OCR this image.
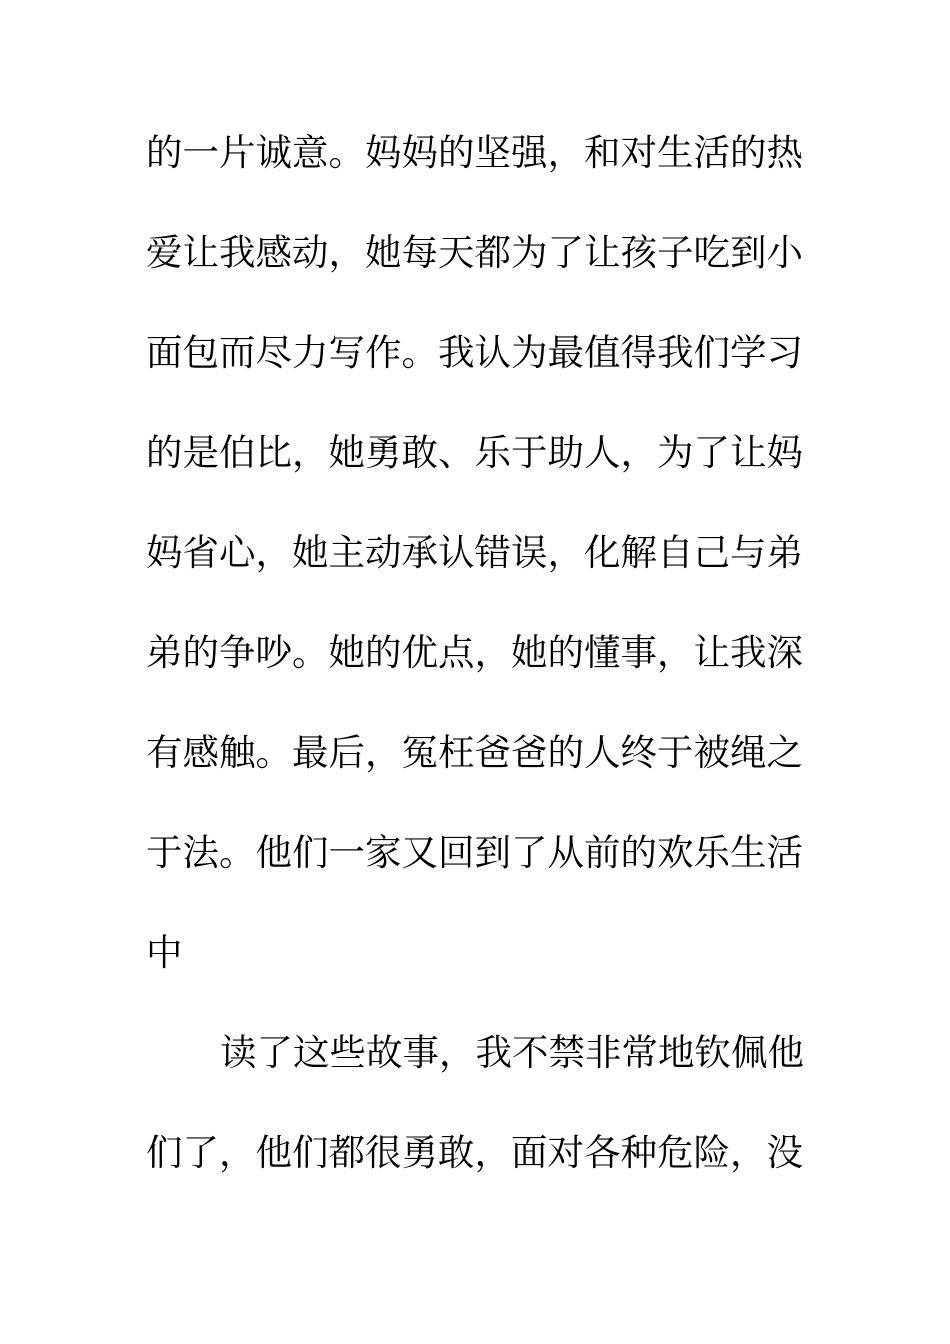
的一片诚意。妈妈的坚强，和对生活的热
爱让我感动，她每天都为了让孩子吃到小
面包而尽力写作。我认为最值得我们学习
的是伯比，她勇敢、乐于助人，为了让妈
妈省心，她主动承认错误，化解自己与弟
弟的争吵。她的优点，她的懂事，让我深
有感触。最后，冤枉爸爸的人终于被绳之
于法。他们一家又回到了从前的欢乐生活
中
读了这些故事，我不禁非常地钦佩他
们了，他们都很勇敢，面对各种危险，没
